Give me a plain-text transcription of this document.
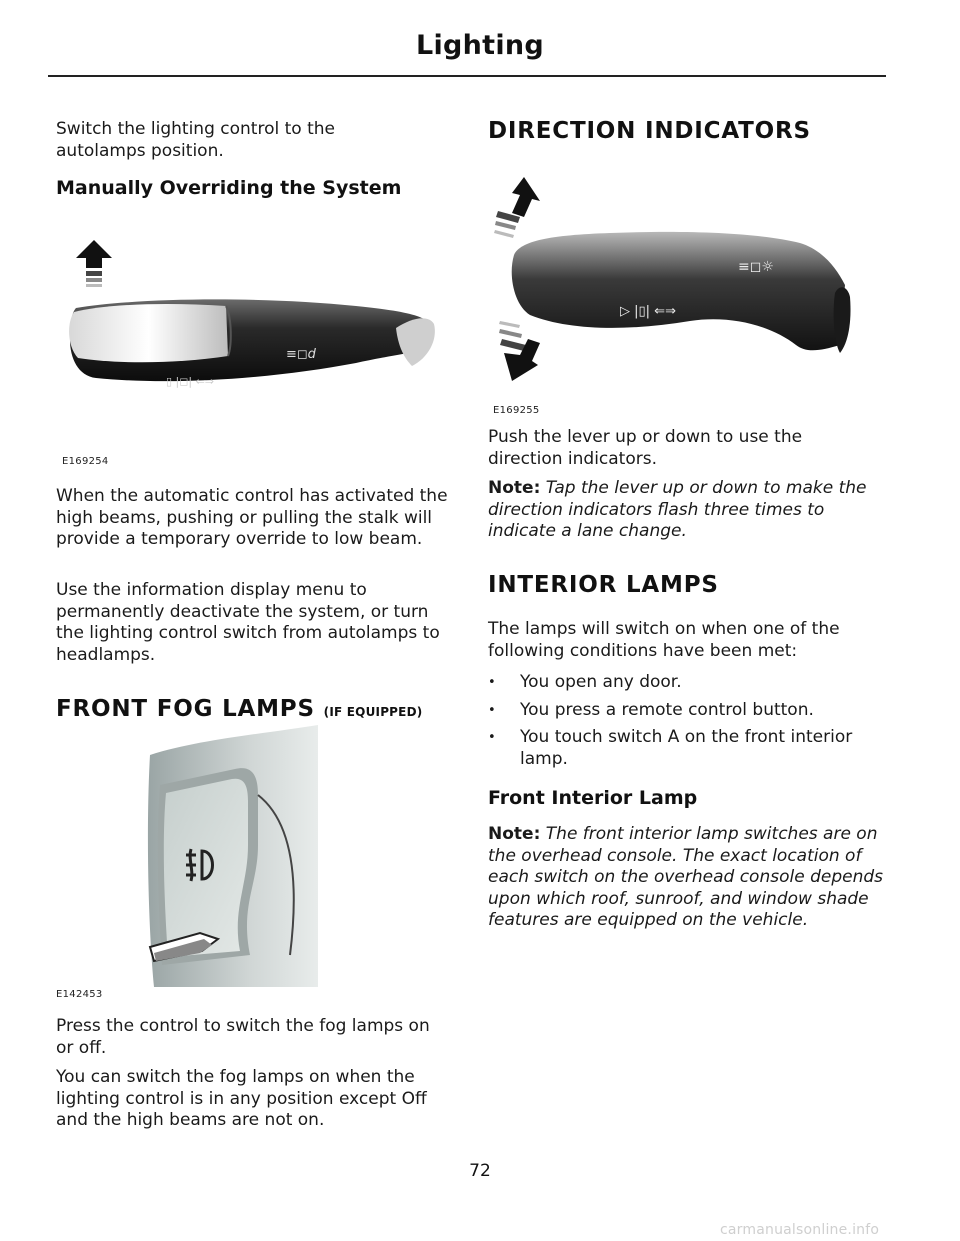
Lighting

Switch the lighting control to the autolamps position.

Manually Overriding the System
≡◻d
▯ |◻| ⇐⇒
E169254

When the automatic control has activated the high beams, pushing or pulling the stalk will provide a temporary override to low beam.

Use the information display menu to permanently deactivate the system, or turn the lighting control switch from autolamps to headlamps.

FRONT FOG LAMPS (IF EQUIPPED)
E142453

Press the control to switch the fog lamps on or off.

You can switch the fog lamps on when the lighting control is in any position except Off and the high beams are not on.

DIRECTION INDICATORS
≡◻☼
▷ |▯| ⇐⇒
E169255

Push the lever up or down to use the direction indicators.

Note: Tap the lever up or down to make the direction indicators flash three times to indicate a lane change.

INTERIOR LAMPS

The lamps will switch on when one of the following conditions have been met:

• You open any door.
• You press a remote control button.
• You touch switch A on the front interior lamp.
Front Interior Lamp

Note: The front interior lamp switches are on the overhead console. The exact location of each switch on the overhead console depends upon which roof, sunroof, and window shade features are equipped on the vehicle.

72
carmanualsonline.info
